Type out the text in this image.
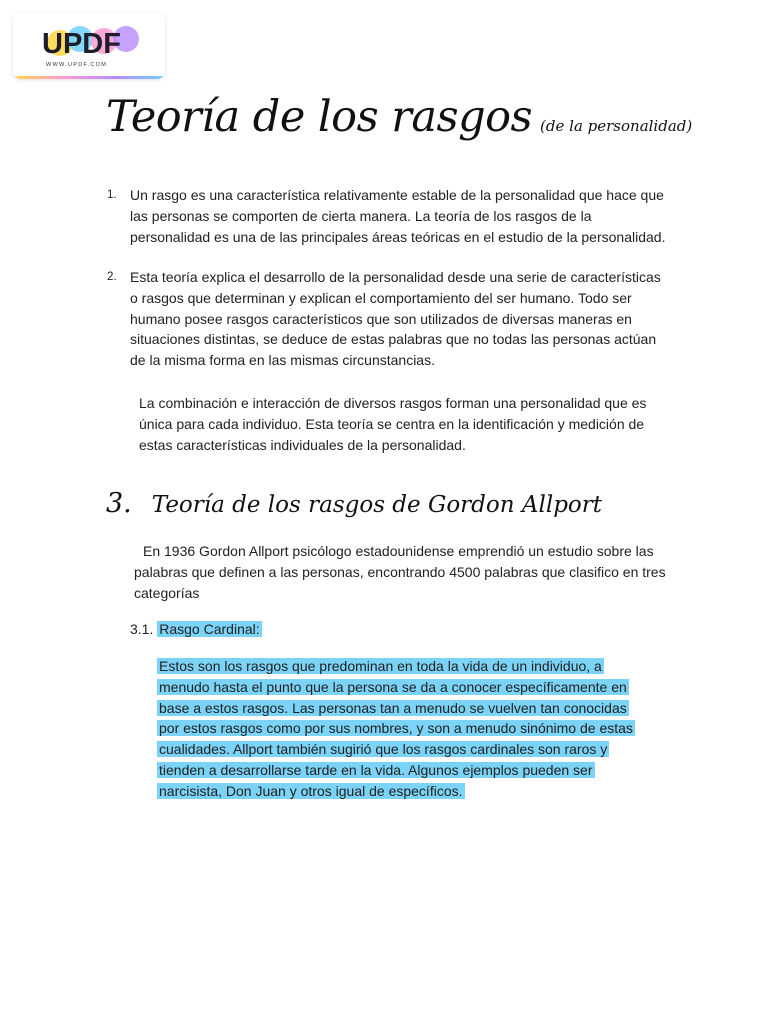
UPDF
WWW.UPDF.COM
Teoría de los rasgos (de la personalidad)
1. Un rasgo es una característica relativamente estable de la personalidad que hace que las personas se comporten de cierta manera. La teoría de los rasgos de la personalidad es una de las principales áreas teóricas en el estudio de la personalidad.
2. Esta teoría explica el desarrollo de la personalidad desde una serie de características o rasgos que determinan y explican el comportamiento del ser humano. Todo ser humano posee rasgos característicos que son utilizados de diversas maneras en situaciones distintas, se deduce de estas palabras que no todas las personas actúan de la misma forma en las mismas circunstancias.
La combinación e interacción de diversos rasgos forman una personalidad que es única para cada individuo. Esta teoría se centra en la identificación y medición de estas características individuales de la personalidad.
3. Teoría de los rasgos de Gordon Allport
En 1936 Gordon Allport psicólogo estadounidense emprendió un estudio sobre las palabras que definen a las personas, encontrando 4500 palabras que clasifico en tres categorías
3.1. Rasgo Cardinal:
Estos son los rasgos que predominan en toda la vida de un individuo, a menudo hasta el punto que la persona se da a conocer específicamente en base a estos rasgos. Las personas tan a menudo se vuelven tan conocidas por estos rasgos como por sus nombres, y son a menudo sinónimo de estas cualidades. Allport también sugirió que los rasgos cardinales son raros y tienden a desarrollarse tarde en la vida. Algunos ejemplos pueden ser narcisista, Don Juan y otros igual de específicos.
